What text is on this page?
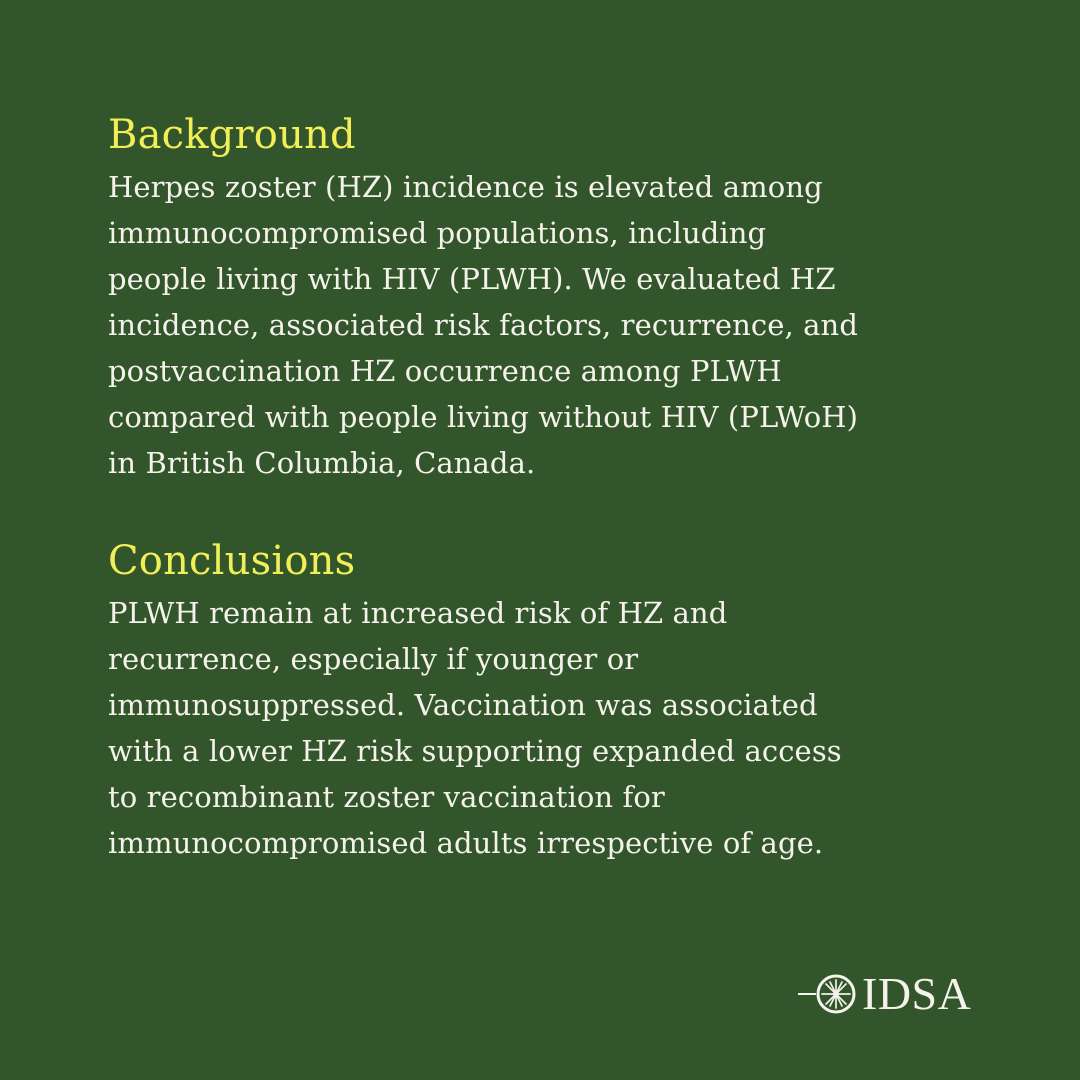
Background

Herpes zoster (HZ) incidence is elevated among
immunocompromised populations, including
people living with HIV (PLWH). We evaluated HZ
incidence, associated risk factors, recurrence, and
postvaccination HZ occurrence among PLWH
compared with people living without HIV (PLWoH)
in British Columbia, Canada.

Conclusions

PLWH remain at increased risk of HZ and
recurrence, especially if younger or
immunosuppressed. Vaccination was associated
with a lower HZ risk supporting expanded access
to recombinant zoster vaccination for
immunocompromised adults irrespective of age.

IDSA
